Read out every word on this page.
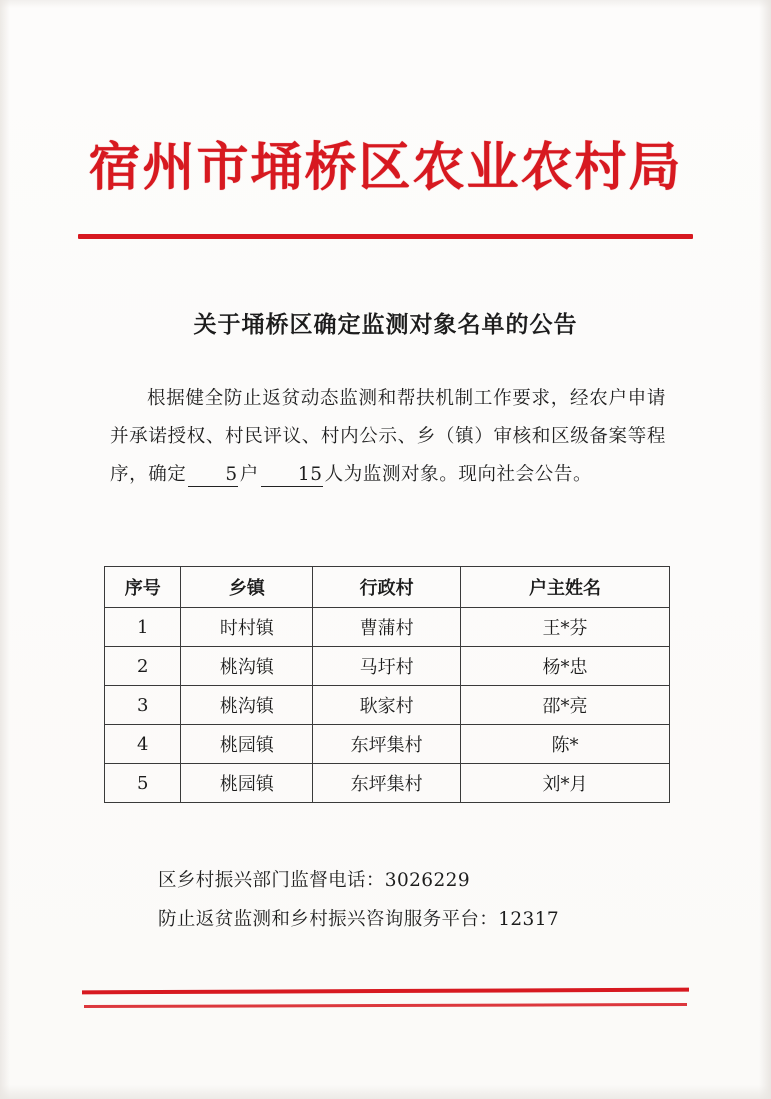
宿州市埇桥区农业农村局
关于埇桥区确定监测对象名单的公告

根据健全防止返贫动态监测和帮扶机制工作要求，经农户申请并承诺授权、村民评议、村内公示、乡（镇）审核和区级备案等程序，确定 5 户 15 人为监测对象。现向社会公告。

序号	乡镇	行政村	户主姓名
1	时村镇	曹蒲村	王*芬
2	桃沟镇	马圩村	杨*忠
3	桃沟镇	耿家村	邵*亮
4	桃园镇	东坪集村	陈*
5	桃园镇	东坪集村	刘*月
区乡村振兴部门监督电话：3026229
防止返贫监测和乡村振兴咨询服务平台：12317
